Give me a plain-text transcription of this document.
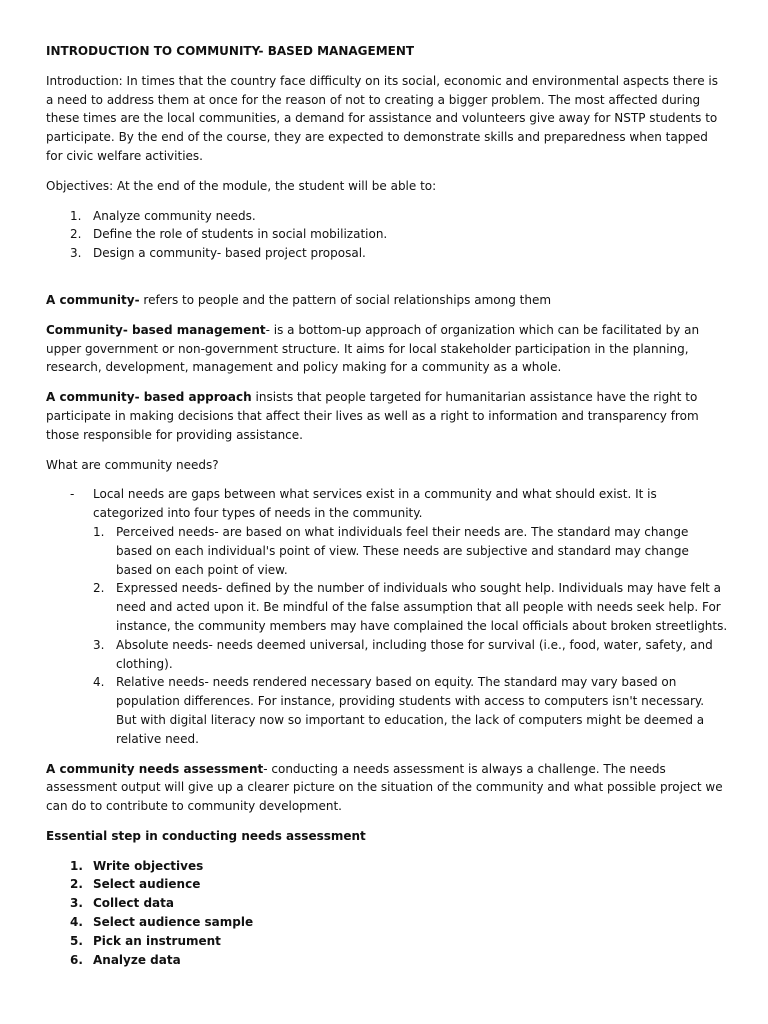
INTRODUCTION TO COMMUNITY- BASED MANAGEMENT

Introduction: In times that the country face difficulty on its social, economic and environmental aspects there is a need to address them at once for the reason of not to creating a bigger problem. The most affected during these times are the local communities, a demand for assistance and volunteers give away for NSTP students to participate. By the end of the course, they are expected to demonstrate skills and preparedness when tapped for civic welfare activities.

Objectives: At the end of the module, the student will be able to:

1. Analyze community needs.
2. Define the role of students in social mobilization.
3. Design a community- based project proposal.

A community- refers to people and the pattern of social relationships among them

Community- based management- is a bottom-up approach of organization which can be facilitated by an upper government or non-government structure. It aims for local stakeholder participation in the planning, research, development, management and policy making for a community as a whole.

A community- based approach insists that people targeted for humanitarian assistance have the right to participate in making decisions that affect their lives as well as a right to information and transparency from those responsible for providing assistance.

What are community needs?

- Local needs are gaps between what services exist in a community and what should exist. It is categorized into four types of needs in the community.
1. Perceived needs- are based on what individuals feel their needs are. The standard may change based on each individual's point of view. These needs are subjective and standard may change based on each point of view.
2. Expressed needs- defined by the number of individuals who sought help. Individuals may have felt a need and acted upon it. Be mindful of the false assumption that all people with needs seek help. For instance, the community members may have complained the local officials about broken streetlights.
3. Absolute needs- needs deemed universal, including those for survival (i.e., food, water, safety, and clothing).
4. Relative needs- needs rendered necessary based on equity. The standard may vary based on population differences. For instance, providing students with access to computers isn't necessary. But with digital literacy now so important to education, the lack of computers might be deemed a relative need.

A community needs assessment- conducting a needs assessment is always a challenge. The needs assessment output will give up a clearer picture on the situation of the community and what possible project we can do to contribute to community development.

Essential step in conducting needs assessment

1. Write objectives
2. Select audience
3. Collect data
4. Select audience sample
5. Pick an instrument
6. Analyze data
